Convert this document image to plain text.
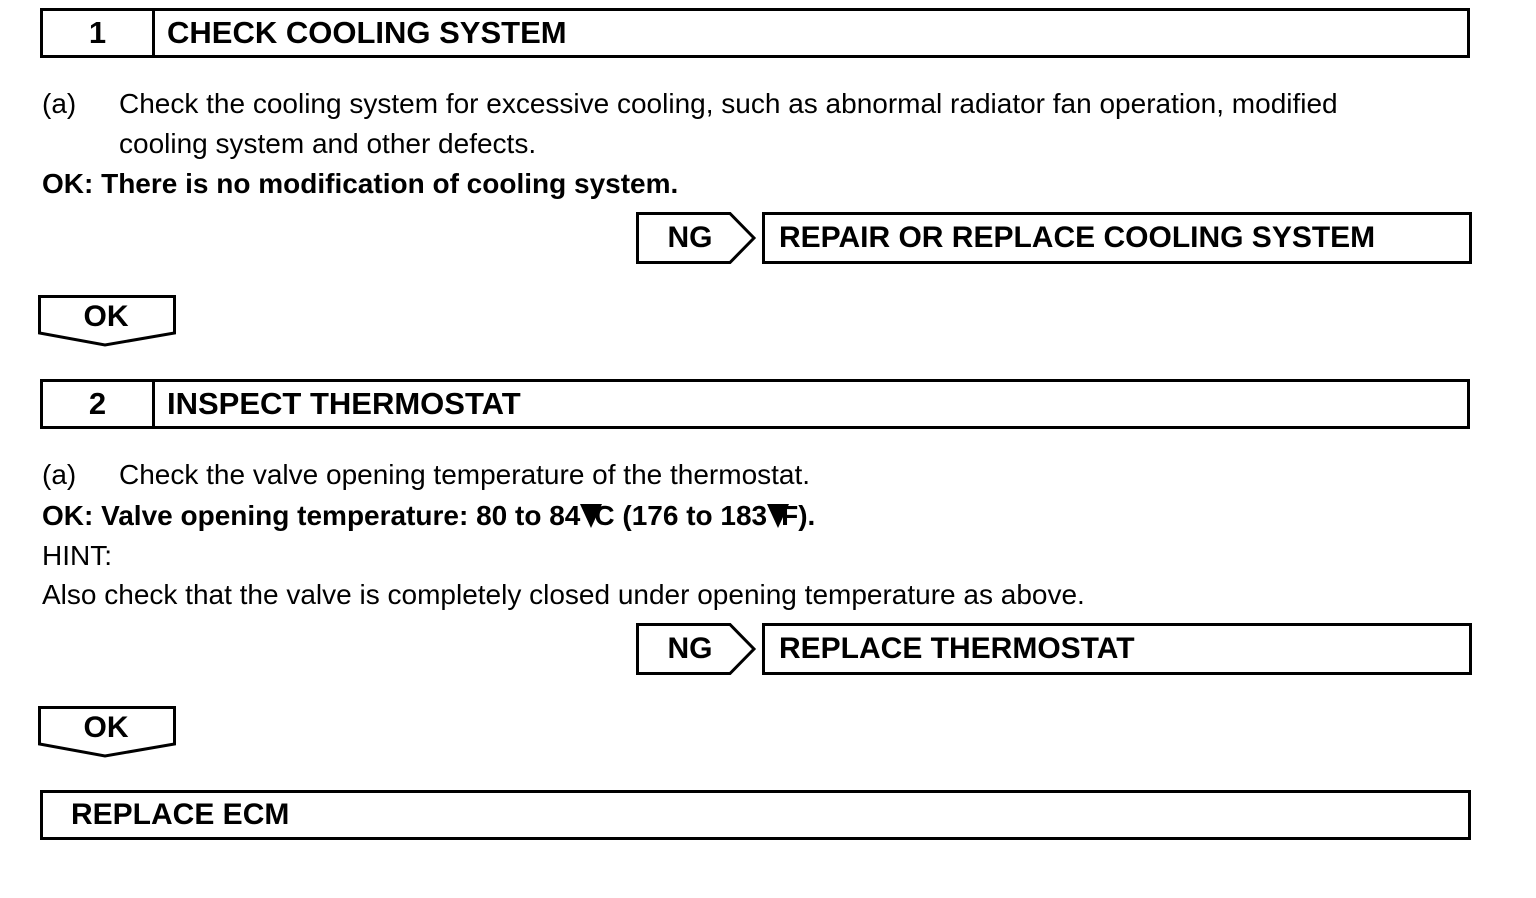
1	CHECK COOLING SYSTEM
(a) Check the cooling system for excessive cooling, such as abnormal radiator fan operation, modified
cooling system and other defects.
OK: There is no modification of cooling system.
NG	REPAIR OR REPLACE COOLING SYSTEM
OK
2	INSPECT THERMOSTAT
(a) Check the valve opening temperature of the thermostat.
OK: Valve opening temperature: 80 to 84 C (176 to 183 F).
HINT:
Also check that the valve is completely closed under opening temperature as above.
NG	REPLACE THERMOSTAT
OK
REPLACE ECM
